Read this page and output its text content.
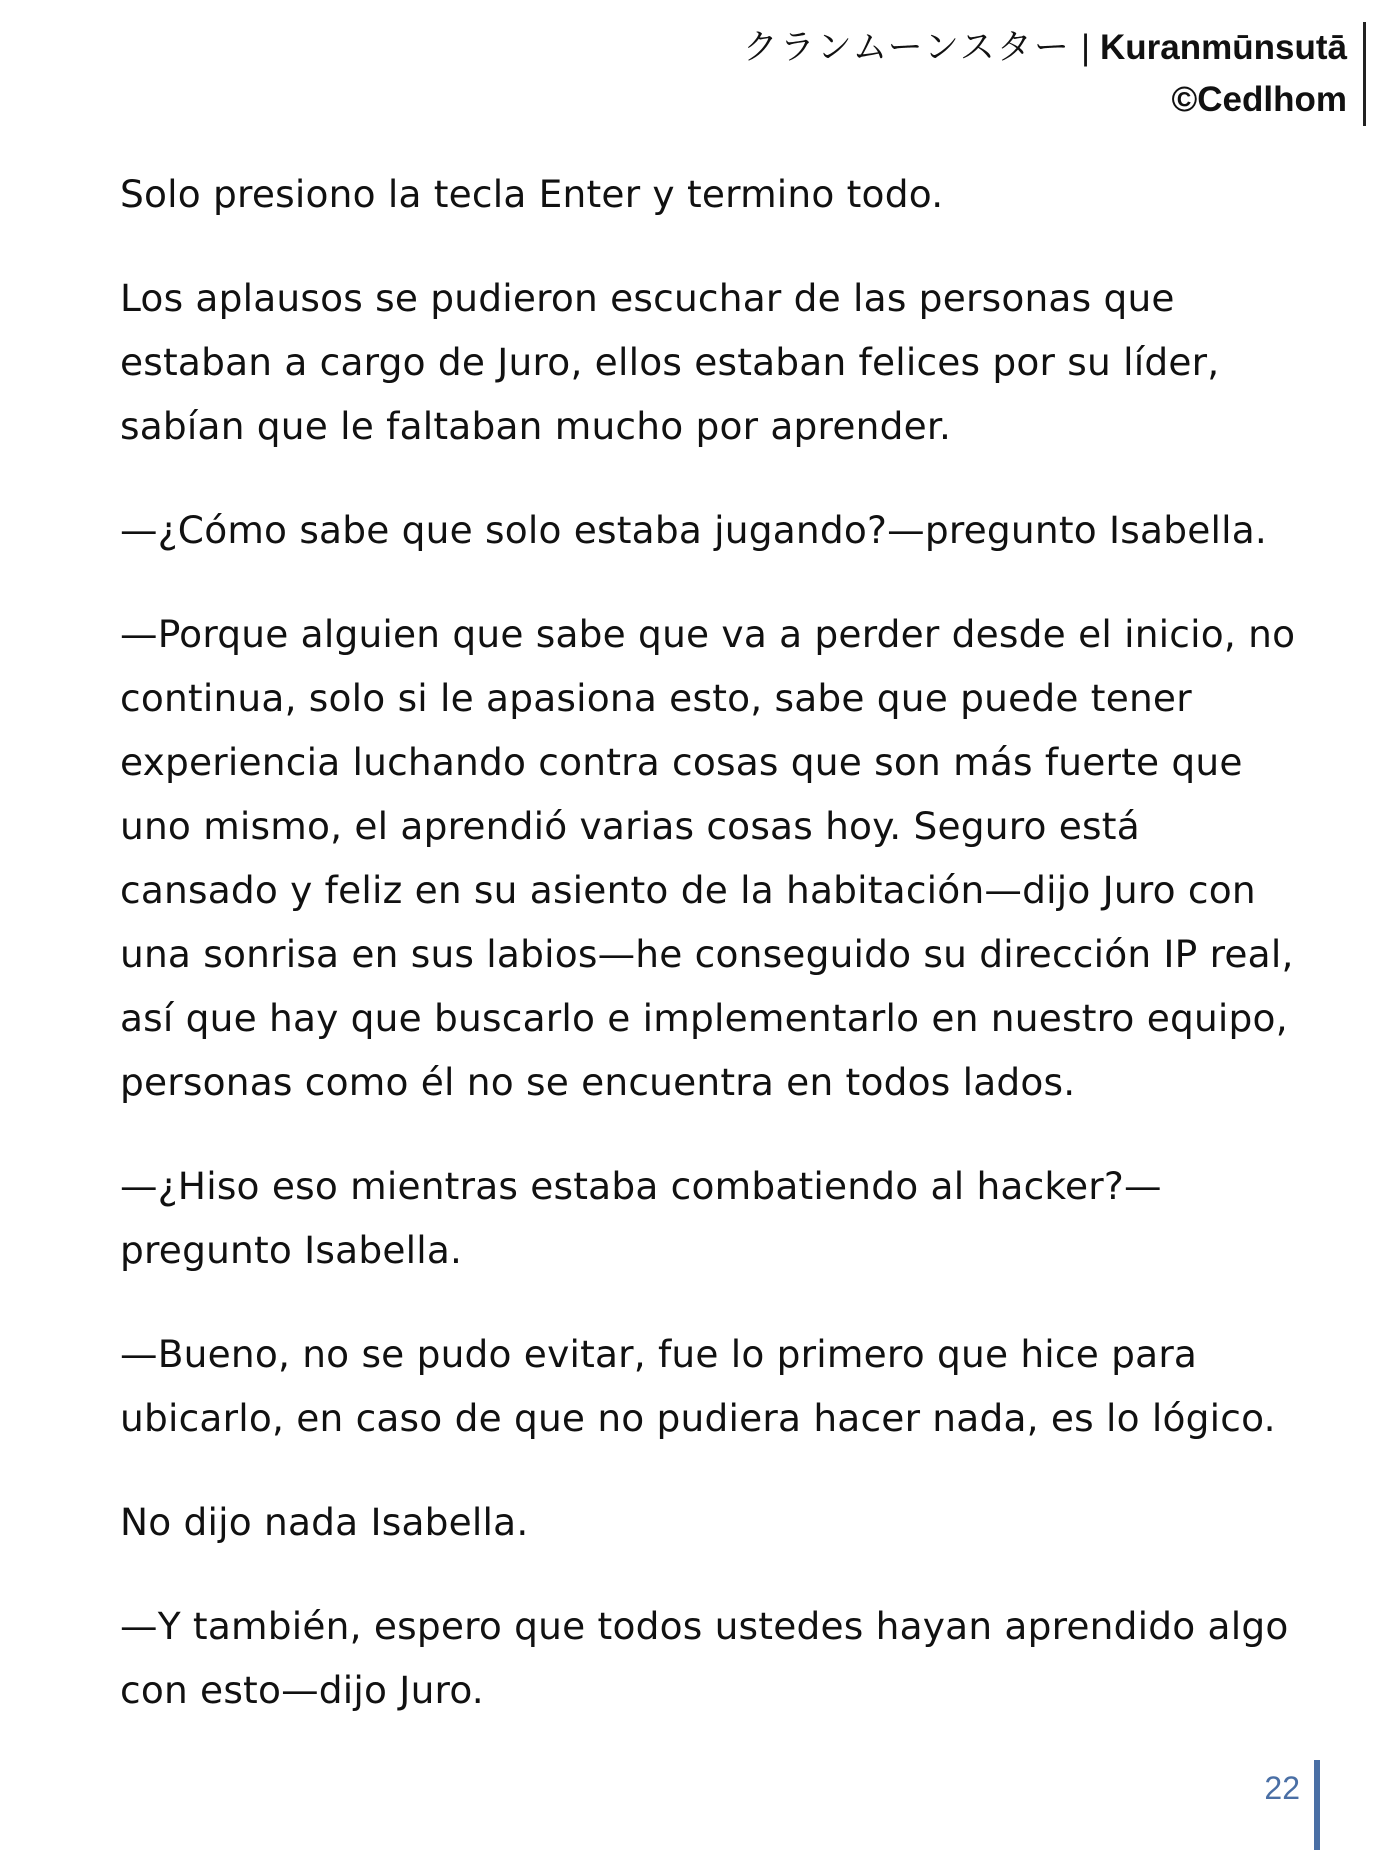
クランムーンスター | Kuranmūnsutā
©Cedlhom

Solo presiono la tecla Enter y termino todo.

Los aplausos se pudieron escuchar de las personas que estaban a cargo de Juro, ellos estaban felices por su líder, sabían que le faltaban mucho por aprender.

—¿Cómo sabe que solo estaba jugando?—pregunto Isabella.

—Porque alguien que sabe que va a perder desde el inicio, no continua, solo si le apasiona esto, sabe que puede tener experiencia luchando contra cosas que son más fuerte que uno mismo, el aprendió varias cosas hoy. Seguro está cansado y feliz en su asiento de la habitación—dijo Juro con una sonrisa en sus labios—he conseguido su dirección IP real, así que hay que buscarlo e implementarlo en nuestro equipo, personas como él no se encuentra en todos lados.

—¿Hiso eso mientras estaba combatiendo al hacker?—pregunto Isabella.

—Bueno, no se pudo evitar, fue lo primero que hice para ubicarlo, en caso de que no pudiera hacer nada, es lo lógico.

No dijo nada Isabella.

—Y también, espero que todos ustedes hayan aprendido algo con esto—dijo Juro.

22
